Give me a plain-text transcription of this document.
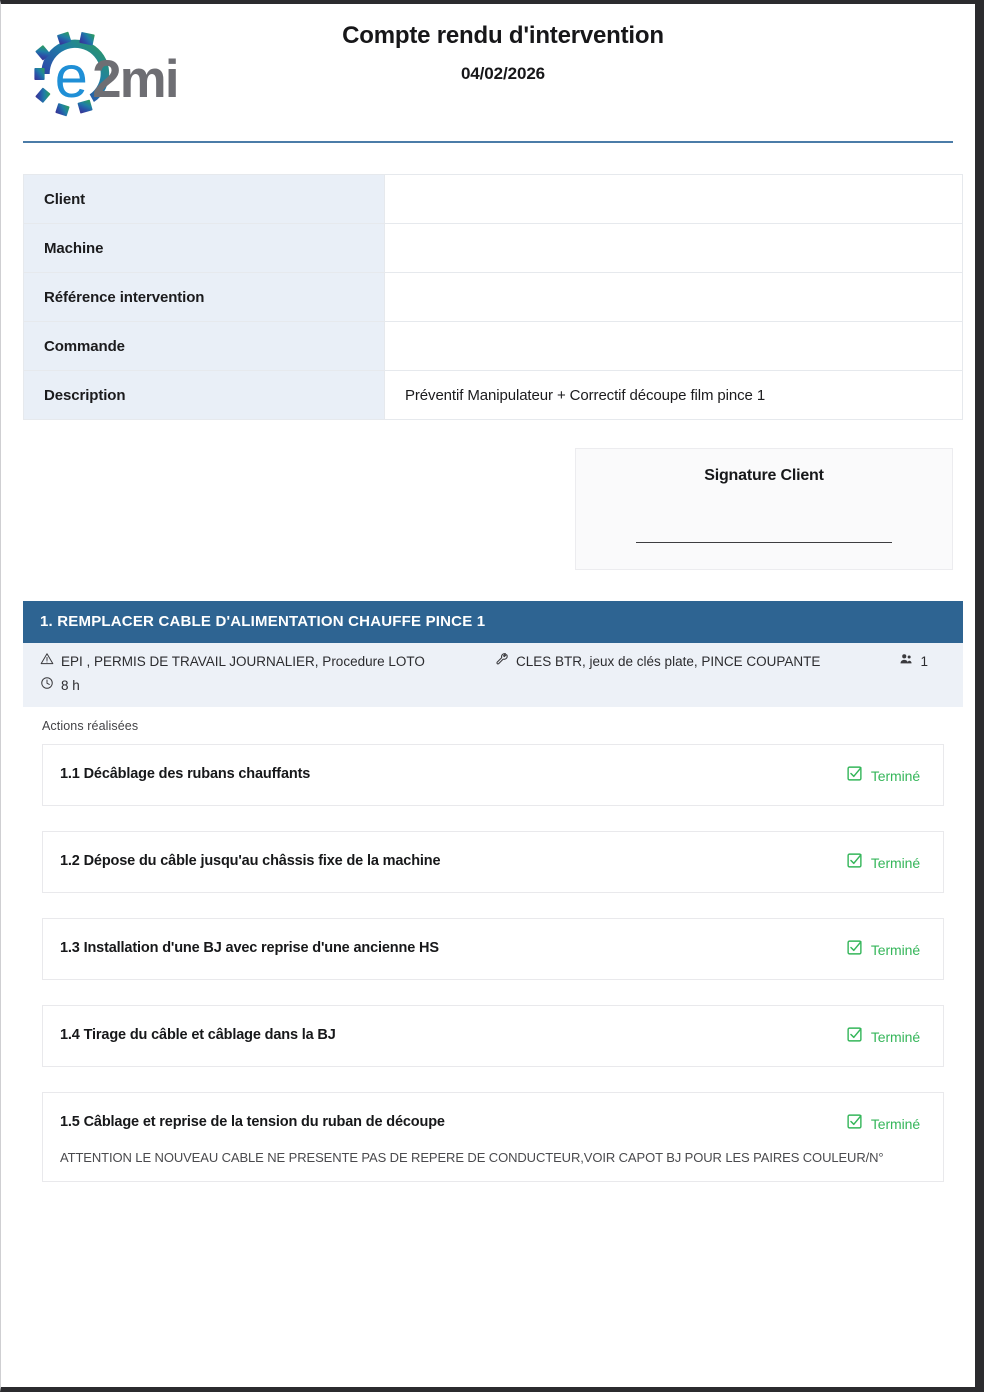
e 2mi
Compte rendu d'intervention
04/02/2026
Client	
Machine	
Référence intervention	
Commande	
Description	Préventif Manipulateur + Correctif découpe film pince 1
Signature Client
1. REMPLACER CABLE D'ALIMENTATION CHAUFFE PINCE 1
EPI , PERMIS DE TRAVAIL JOURNALIER, Procedure LOTO	CLES BTR, jeux de clés plate, PINCE COUPANTE	1
8 h
Actions réalisées
1.1 Décâblage des rubans chauffants	Terminé
1.2 Dépose du câble jusqu'au châssis fixe de la machine	Terminé
1.3 Installation d'une BJ avec reprise d'une ancienne HS	Terminé
1.4 Tirage du câble et câblage dans la BJ	Terminé
1.5 Câblage et reprise de la tension du ruban de découpe	Terminé
ATTENTION LE NOUVEAU CABLE NE PRESENTE PAS DE REPERE DE CONDUCTEUR,VOIR CAPOT BJ POUR LES PAIRES COULEUR/N°
